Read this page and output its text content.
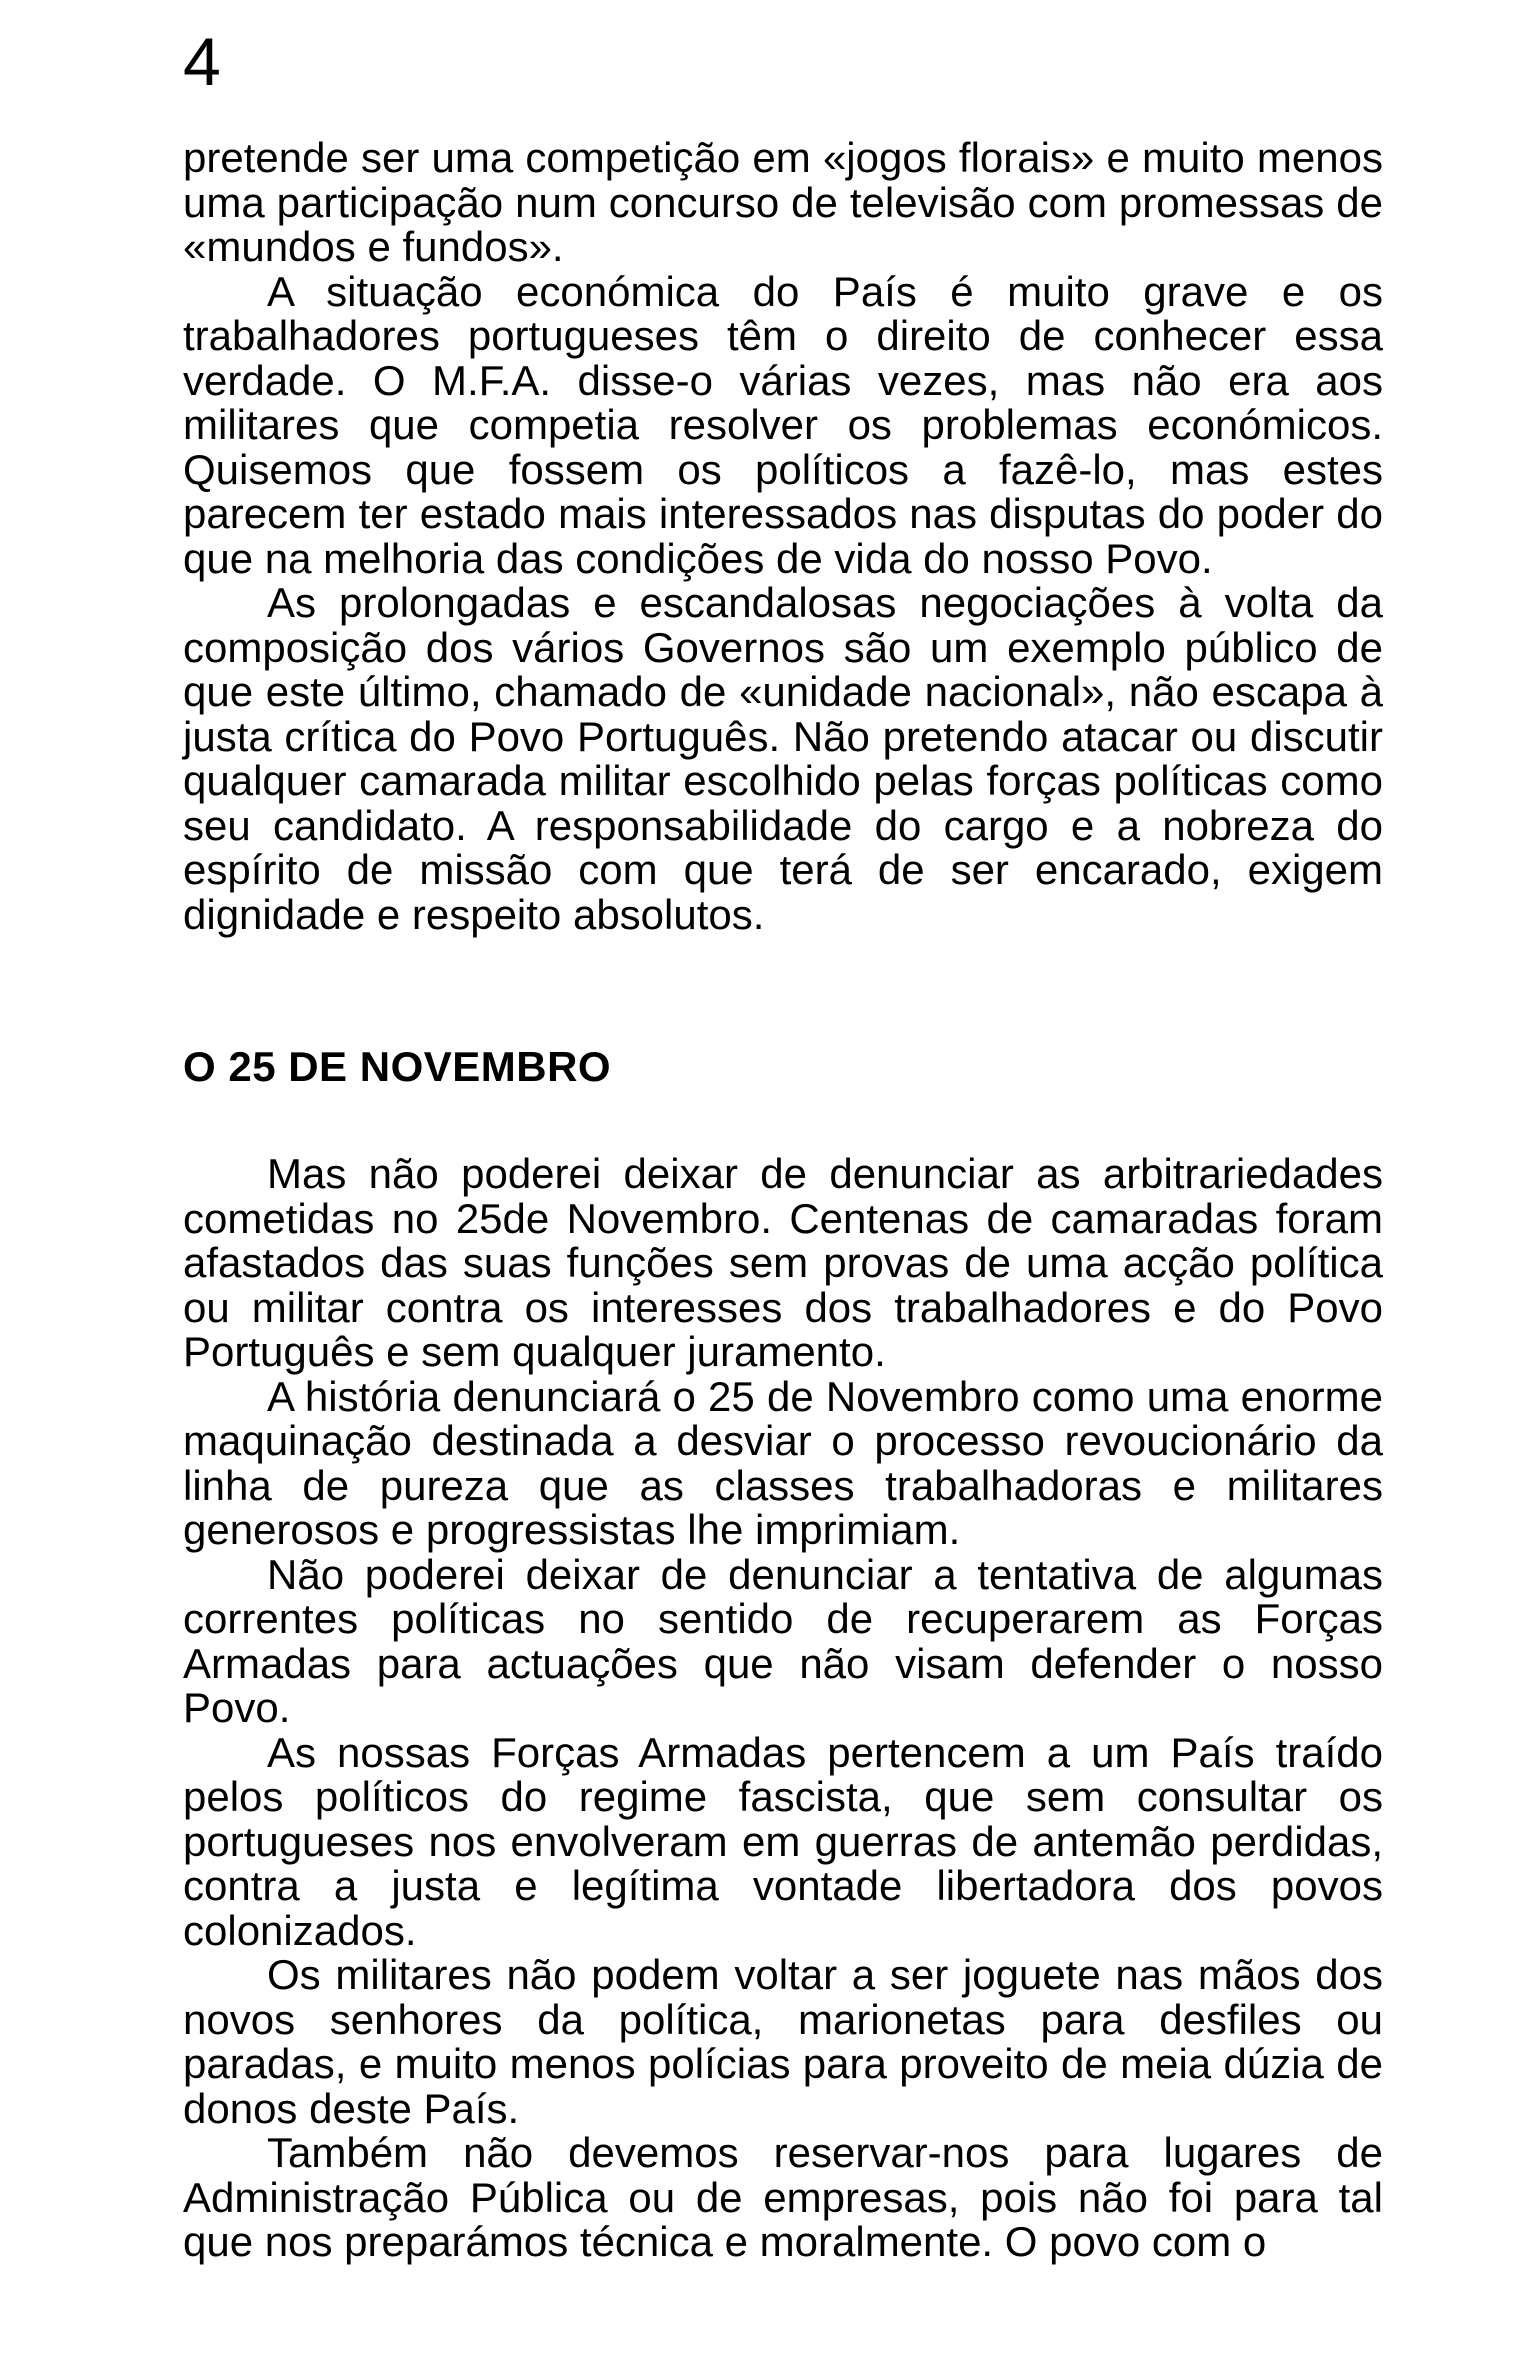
4

pretende ser uma competição em «jogos florais» e muito menos uma participação num concurso de televisão com promessas de «mundos e fundos».

A situação económica do País é muito grave e os trabalhadores portugueses têm o direito de conhecer essa verdade. O M.F.A. disse-o várias vezes, mas não era aos militares que competia resolver os problemas económicos. Quisemos que fossem os políticos a fazê-lo, mas estes parecem ter estado mais interessados nas disputas do poder do que na melhoria das condições de vida do nosso Povo.

As prolongadas e escandalosas negociações à volta da composição dos vários Governos são um exemplo público de que este último, chamado de «unidade nacional», não escapa à justa crítica do Povo Português. Não pretendo atacar ou discutir qualquer camarada militar escolhido pelas forças políticas como seu candidato. A responsabilidade do cargo e a nobreza do espírito de missão com que terá de ser encarado, exigem dignidade e respeito absolutos.

O 25 DE NOVEMBRO

Mas não poderei deixar de denunciar as arbitrariedades cometidas no 25de Novembro. Centenas de camaradas foram afastados das suas funções sem provas de uma acção política ou militar contra os interesses dos trabalhadores e do Povo Português e sem qualquer juramento.

A história denunciará o 25 de Novembro como uma enorme maquinação destinada a desviar o processo revoucionário da linha de pureza que as classes trabalhadoras e militares generosos e progressistas lhe imprimiam.

Não poderei deixar de denunciar a tentativa de algumas correntes políticas no sentido de recuperarem as Forças Armadas para actuações que não visam defender o nosso Povo.

As nossas Forças Armadas pertencem a um País traído pelos políticos do regime fascista, que sem consultar os portugueses nos envolveram em guerras de antemão perdidas, contra a justa e legítima vontade libertadora dos povos colonizados.

Os militares não podem voltar a ser joguete nas mãos dos novos senhores da política, marionetas para desfiles ou paradas, e muito menos polícias para proveito de meia dúzia de donos deste País.

Também não devemos reservar-nos para lugares de Administração Pública ou de empresas, pois não foi para tal que nos preparámos técnica e moralmente. O povo com o
